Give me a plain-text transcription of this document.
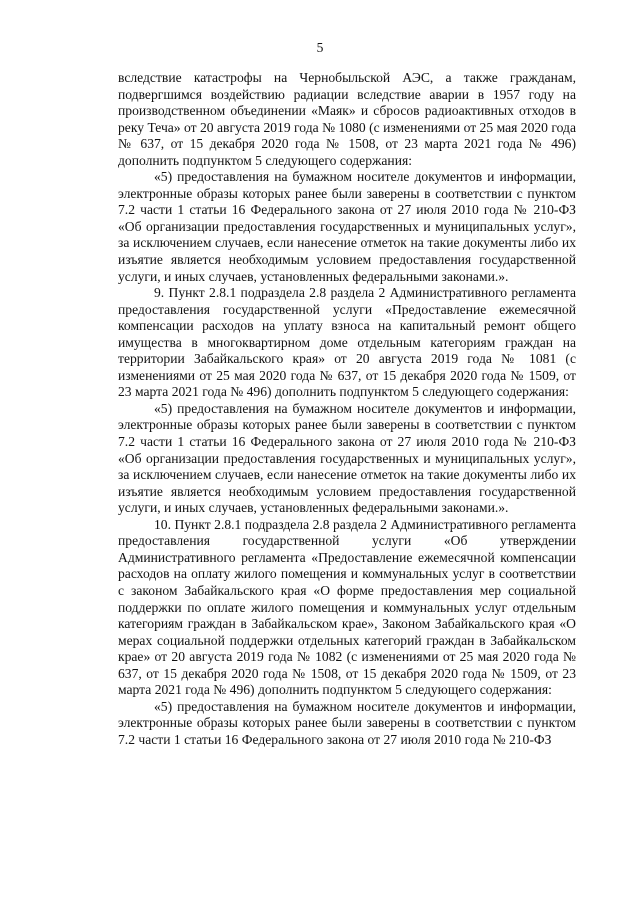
5

вследствие катастрофы на Чернобыльской АЭС, а также гражданам, подвергшимся воздействию радиации вследствие аварии в 1957 году на производственном объединении «Маяк» и сбросов радиоактивных отходов в реку Теча» от 20 августа 2019 года № 1080 (с изменениями от 25 мая 2020 года № 637, от 15 декабря 2020 года № 1508, от 23 марта 2021 года № 496) дополнить подпунктом 5 следующего содержания:

«5) предоставления на бумажном носителе документов и информации, электронные образы которых ранее были заверены в соответствии с пунктом 7.2 части 1 статьи 16 Федерального закона от 27 июля 2010 года № 210-ФЗ «Об организации предоставления государственных и муниципальных услуг», за исключением случаев, если нанесение отметок на такие документы либо их изъятие является необходимым условием предоставления государственной услуги, и иных случаев, установленных федеральными законами.».

9. Пункт 2.8.1 подраздела 2.8 раздела 2 Административного регламента предоставления государственной услуги «Предоставление ежемесячной компенсации расходов на уплату взноса на капитальный ремонт общего имущества в многоквартирном доме отдельным категориям граждан на территории Забайкальского края» от 20 августа 2019 года № 1081 (с изменениями от 25 мая 2020 года № 637, от 15 декабря 2020 года № 1509, от 23 марта 2021 года № 496) дополнить подпунктом 5 следующего содержания:

«5) предоставления на бумажном носителе документов и информации, электронные образы которых ранее были заверены в соответствии с пунктом 7.2 части 1 статьи 16 Федерального закона от 27 июля 2010 года № 210-ФЗ «Об организации предоставления государственных и муниципальных услуг», за исключением случаев, если нанесение отметок на такие документы либо их изъятие является необходимым условием предоставления государственной услуги, и иных случаев, установленных федеральными законами.».

10. Пункт 2.8.1 подраздела 2.8 раздела 2 Административного регламента предоставления государственной услуги «Об утверждении Административного регламента «Предоставление ежемесячной компенсации расходов на оплату жилого помещения и коммунальных услуг в соответствии с законом Забайкальского края «О форме предоставления мер социальной поддержки по оплате жилого помещения и коммунальных услуг отдельным категориям граждан в Забайкальском крае», Законом Забайкальского края «О мерах социальной поддержки отдельных категорий граждан в Забайкальском крае» от 20 августа 2019 года № 1082 (с изменениями от 25 мая 2020 года № 637, от 15 декабря 2020 года № 1508, от 15 декабря 2020 года № 1509, от 23 марта 2021 года № 496) дополнить подпунктом 5 следующего содержания:

«5) предоставления на бумажном носителе документов и информации, электронные образы которых ранее были заверены в соответствии с пунктом 7.2 части 1 статьи 16 Федерального закона от 27 июля 2010 года № 210-ФЗ
